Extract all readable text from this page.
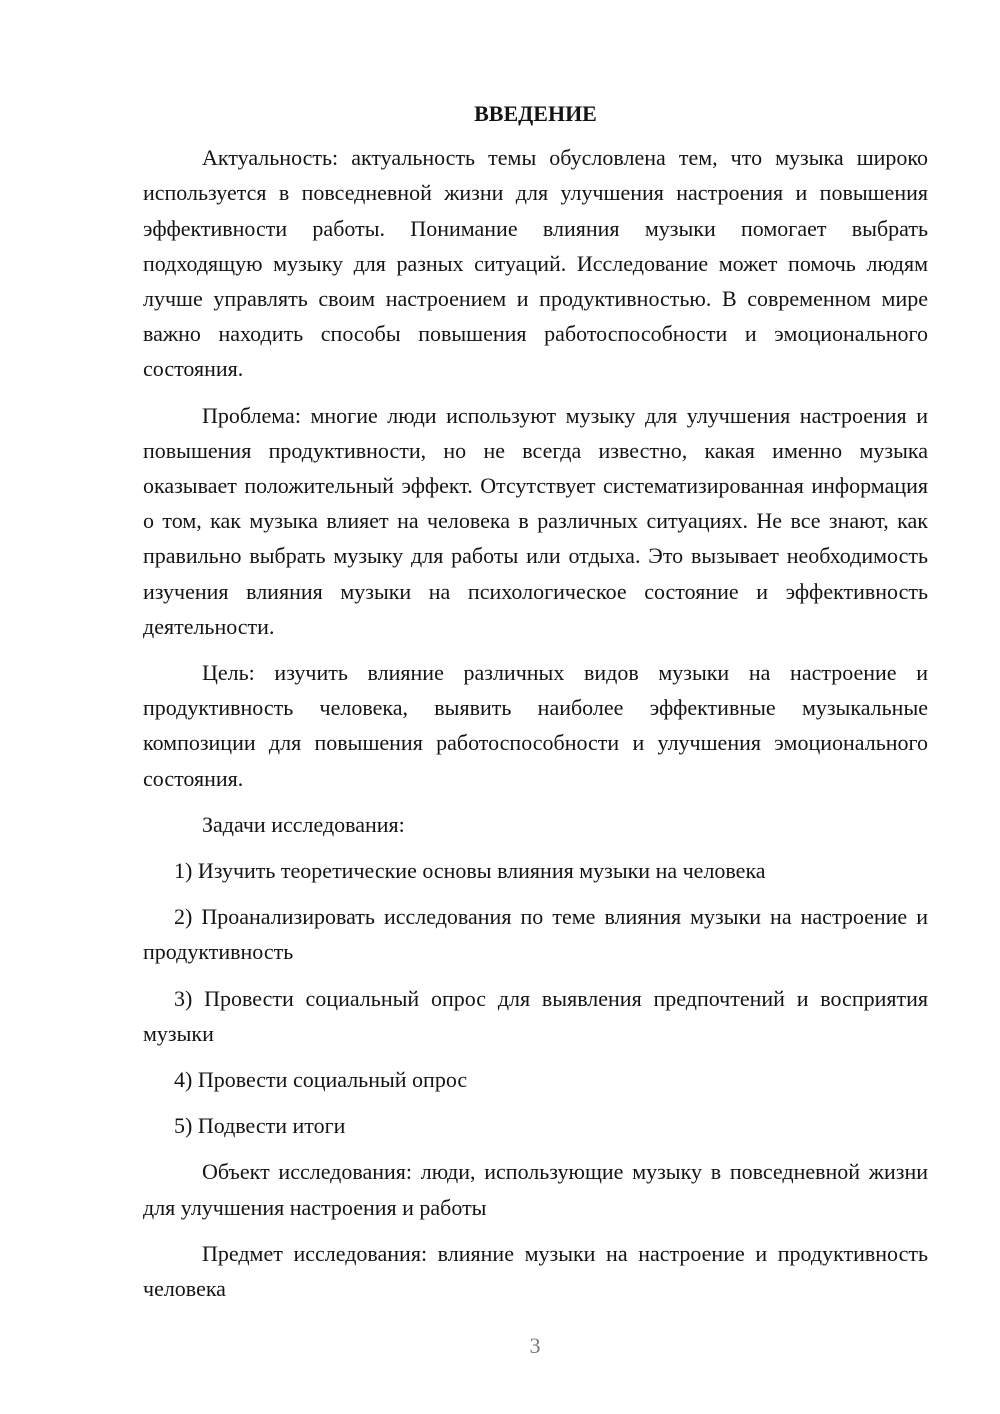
ВВЕДЕНИЕ

Актуальность: актуальность темы обусловлена тем, что музыка широко используется в повседневной жизни для улучшения настроения и повышения эффективности работы. Понимание влияния музыки помогает выбрать подходящую музыку для разных ситуаций. Исследование может помочь людям лучше управлять своим настроением и продуктивностью. В современном мире важно находить способы повышения работоспособности и эмоционального состояния.

Проблема: многие люди используют музыку для улучшения настроения и повышения продуктивности, но не всегда известно, какая именно музыка оказывает положительный эффект. Отсутствует систематизированная информация о том, как музыка влияет на человека в различных ситуациях. Не все знают, как правильно выбрать музыку для работы или отдыха. Это вызывает необходимость изучения влияния музыки на психологическое состояние и эффективность деятельности.

Цель: изучить влияние различных видов музыки на настроение и продуктивность человека, выявить наиболее эффективные музыкальные композиции для повышения работоспособности и улучшения эмоционального состояния.

Задачи исследования:

1) Изучить теоретические основы влияния музыки на человека

2) Проанализировать исследования по теме влияния музыки на настроение и продуктивность

3) Провести социальный опрос для выявления предпочтений и восприятия музыки

4) Провести социальный опрос

5) Подвести итоги

Объект исследования: люди, использующие музыку в повседневной жизни для улучшения настроения и работы

Предмет исследования: влияние музыки на настроение и продуктивность человека

3
